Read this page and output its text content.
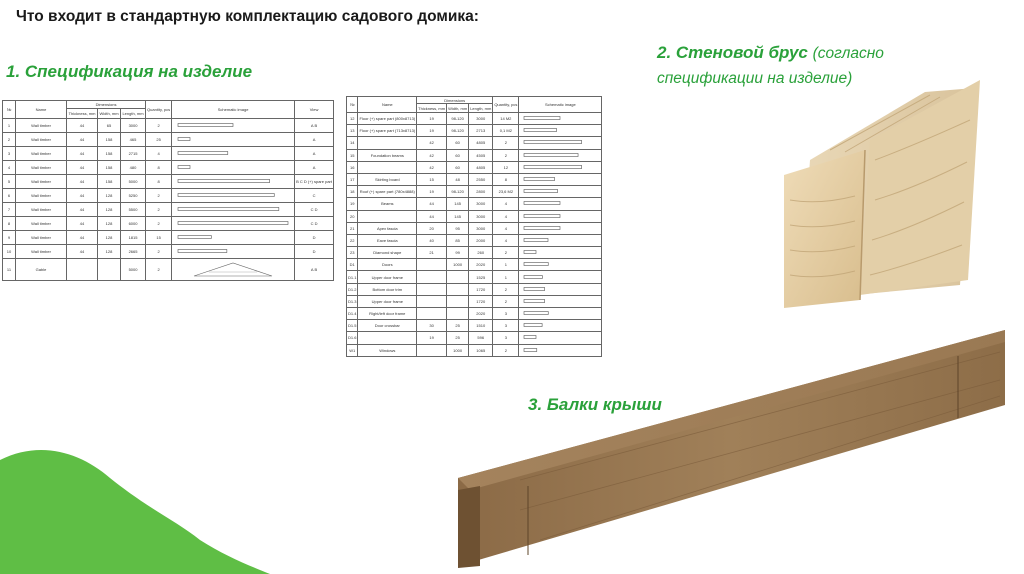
Что входит в стандартную комплектацию садового домика:
1. Спецификация на изделие
2. Стеновой брус (согласно
спецификации на изделие)
3. Балки крыши
№	Name	Dimensions			Quantity, pcs	Schematic image	View
		Thickness, mm	Width, mm	Length, mm			
1	Wall timber	44	65	3000	2		A B
2	Wall timber	44	158	465	25		A
3	Wall timber	44	158	2715	4		A
4	Wall timber	44	158	480	8		A
5	Wall timber	44	158	5000	8		B C D (+) spare part
6	Wall timber	44	128	5250	2		C
7	Wall timber	44	128	5500	2		C D
8	Wall timber	44	128	6000	2		C D
9	Wall timber	44	128	1815	15		D
10	Wall timber	44	128	2665	2		D
11	Gable			5000	2		A B
№	Name	Dimensions			Quantity, pcs	Schematic image
		Thickness, mm	Width, mm	Length, mm		
12	Floor (+) spare part (800x8713)	19	98-120	3000	14 M2	
13	Floor (+) spare part (713x8713)	19	98-120	2713	0,1 M2	
14		42	60	4805	2	
15	Foundation beams	42	60	4505	2	
16		42	60	4805	12	
17	Skirting board	15	48	2550	8	
18	Roof (+) spare part (780x4888)	19	98-120	2800	23,6 M2	
19	Beams	44	145	3000	4	
20		44	145	3000	4	
21	Apex fascia	20	95	3000	4	
22	Eave fascia	40	85	2000	4	
23	Diamond shape	21	99	260	2	
D1	Doors		1000	2020	1	
D1.1	Upper door frame			1525	1	
D1.2	Bottom door trim			1720	2	
D1.3	Upper door frame			1720	2	
D1.4	Right/left door frame			2020	3	
D1.5	Door crossbar	30	25	1510	3	
D1.6		19	25	596	3	
W1	Windows		1000	1065	2	
